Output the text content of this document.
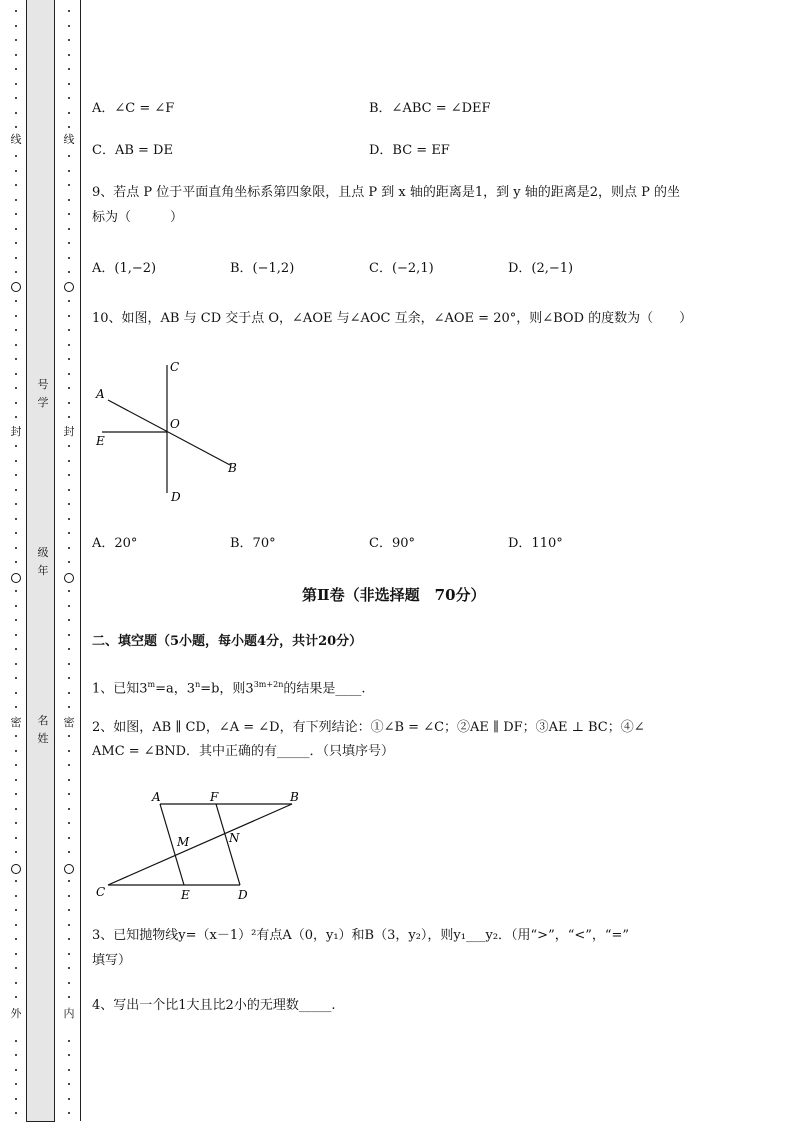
线
封
密
外
线
封
密
内
号
学
级
年
名
姓
A．∠C = ∠F	B．∠ABC = ∠DEF
C．AB = DE	D．BC = EF
9、若点 P 位于平面直角坐标系第四象限，且点 P 到 x 轴的距离是1，到 y 轴的距离是2，则点 P 的坐
标为（　　　）
A．(1,−2)	B．(−1,2)	C．(−2,1)	D．(2,−1)
10、如图，AB 与 CD 交于点 O，∠AOE 与∠AOC 互余，∠AOE = 20°，则∠BOD 的度数为（　　）
C
A
O
E
B
D
A．20°	B．70°	C．90°	D．110°
第Ⅱ卷（非选择题　70分）
二、填空题（5小题，每小题4分，共计20分）
1、已知$3^m=a$，$3^n=b$，则$3^{3m+2n}$的结果是____.
2、如图，AB ∥ CD，∠A = ∠D，有下列结论：①∠B = ∠C；②AE ∥ DF；③AE ⊥ BC；④∠
AMC = ∠BND．其中正确的有_____．（只填序号）
A	F	B
M	N
C	E	D
3、已知抛物线y=（x－1）²有点A（0，y₁）和B（3，y₂），则y₁___y₂．（用“>”，“<”，“=”
填写）
4、写出一个比1大且比2小的无理数_____.
